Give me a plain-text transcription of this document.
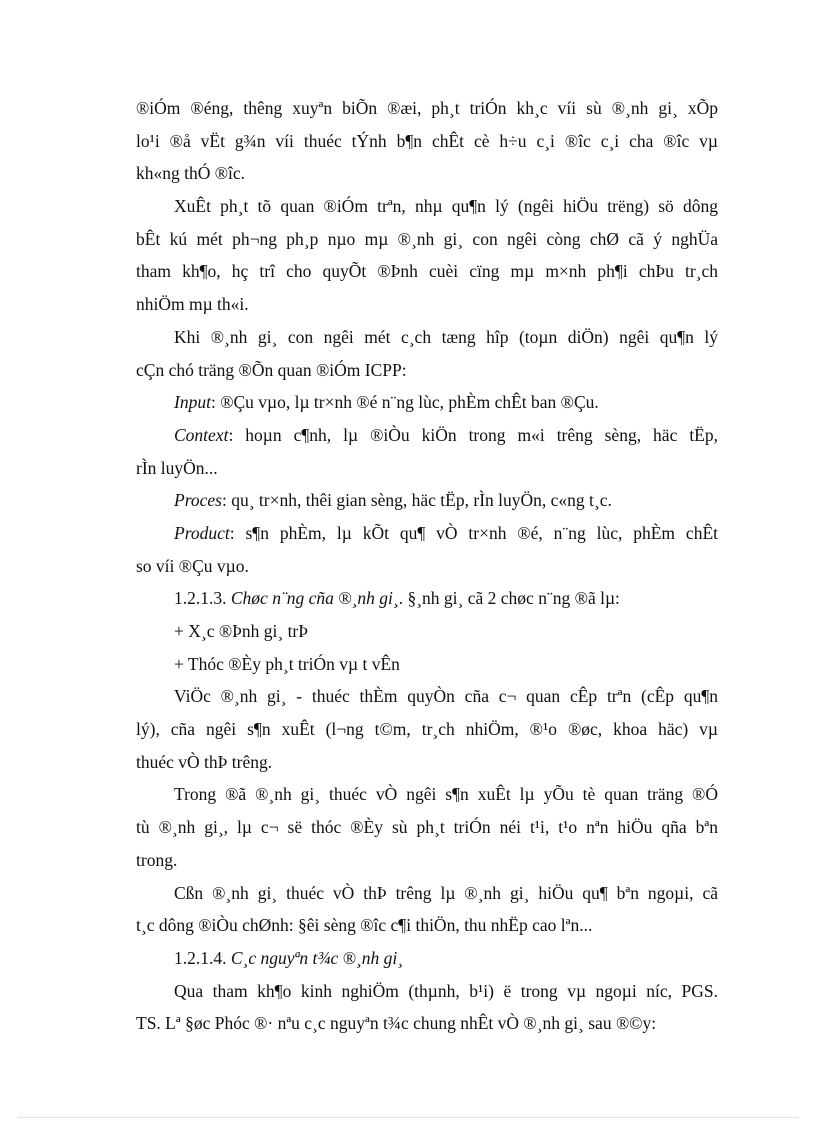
®iÓm ®éng, thêng xuyªn biÕn ®æi, ph¸t triÓn kh¸c víi sù ®¸nh gi¸ xÕp
lo¹i ®å vËt g¾n víi thuéc tÝnh b¶n chÊt cè h÷u c¸i ®îc c¸i cha ®îc vµ
kh«ng thÓ ®îc.
XuÊt ph¸t tõ quan ®iÓm trªn, nhµ qu¶n lý (ngêi hiÖu trëng) sö dông
bÊt kú mét ph¬ng ph¸p nµo mµ ®¸nh gi¸ con ngêi còng chØ cã ý nghÜa
tham kh¶o, hç trî cho quyÕt ®Þnh cuèi cïng mµ m×nh ph¶i chÞu tr¸ch
nhiÖm mµ th«i.
Khi ®¸nh gi¸ con ngêi mét c¸ch tæng hîp (toµn diÖn) ngêi qu¶n lý
cÇn chó träng ®Õn quan ®iÓm ICPP:
Input: ®Çu vµo, lµ tr×nh ®é n¨ng lùc, phÈm chÊt ban ®Çu.
Context: hoµn c¶nh, lµ ®iÒu kiÖn trong m«i trêng sèng, häc tËp,
rÌn luyÖn...
Proces: qu¸ tr×nh, thêi gian sèng, häc tËp, rÌn luyÖn, c«ng t¸c.
Product: s¶n phÈm, lµ kÕt qu¶ vÒ tr×nh ®é, n¨ng lùc, phÈm chÊt
so víi ®Çu vµo.
1.2.1.3. Chøc n¨ng cña ®¸nh gi¸. §¸nh gi¸ cã 2 chøc n¨ng ®ã lµ:
+ X¸c ®Þnh gi¸ trÞ
+ Thóc ®Èy ph¸t triÓn vµ t vÊn
ViÖc ®¸nh gi¸ - thuéc thÈm quyÒn cña c¬ quan cÊp trªn (cÊp qu¶n
lý), cña ngêi s¶n xuÊt (l¬ng t©m, tr¸ch nhiÖm, ®¹o ®øc, khoa häc) vµ
thuéc vÒ thÞ trêng.
Trong ®ã ®¸nh gi¸ thuéc vÒ ngêi s¶n xuÊt lµ yÕu tè quan träng ®Ó
tù ®¸nh gi¸, lµ c¬ së thóc ®Èy sù ph¸t triÓn néi t¹i, t¹o nªn hiÖu qña bªn
trong.
Cßn ®¸nh gi¸ thuéc vÒ thÞ trêng lµ ®¸nh gi¸ hiÖu qu¶ bªn ngoµi, cã
t¸c dông ®iÒu chØnh: §êi sèng ®îc c¶i thiÖn, thu nhËp cao lªn...
1.2.1.4. C¸c nguyªn t¾c ®¸nh gi¸
Qua tham kh¶o kinh nghiÖm (thµnh, b¹i) ë trong vµ ngoµi níc, PGS.
TS. Lª §øc Phóc ®· nªu c¸c nguyªn t¾c chung nhÊt vÒ ®¸nh gi¸ sau ®©y:
